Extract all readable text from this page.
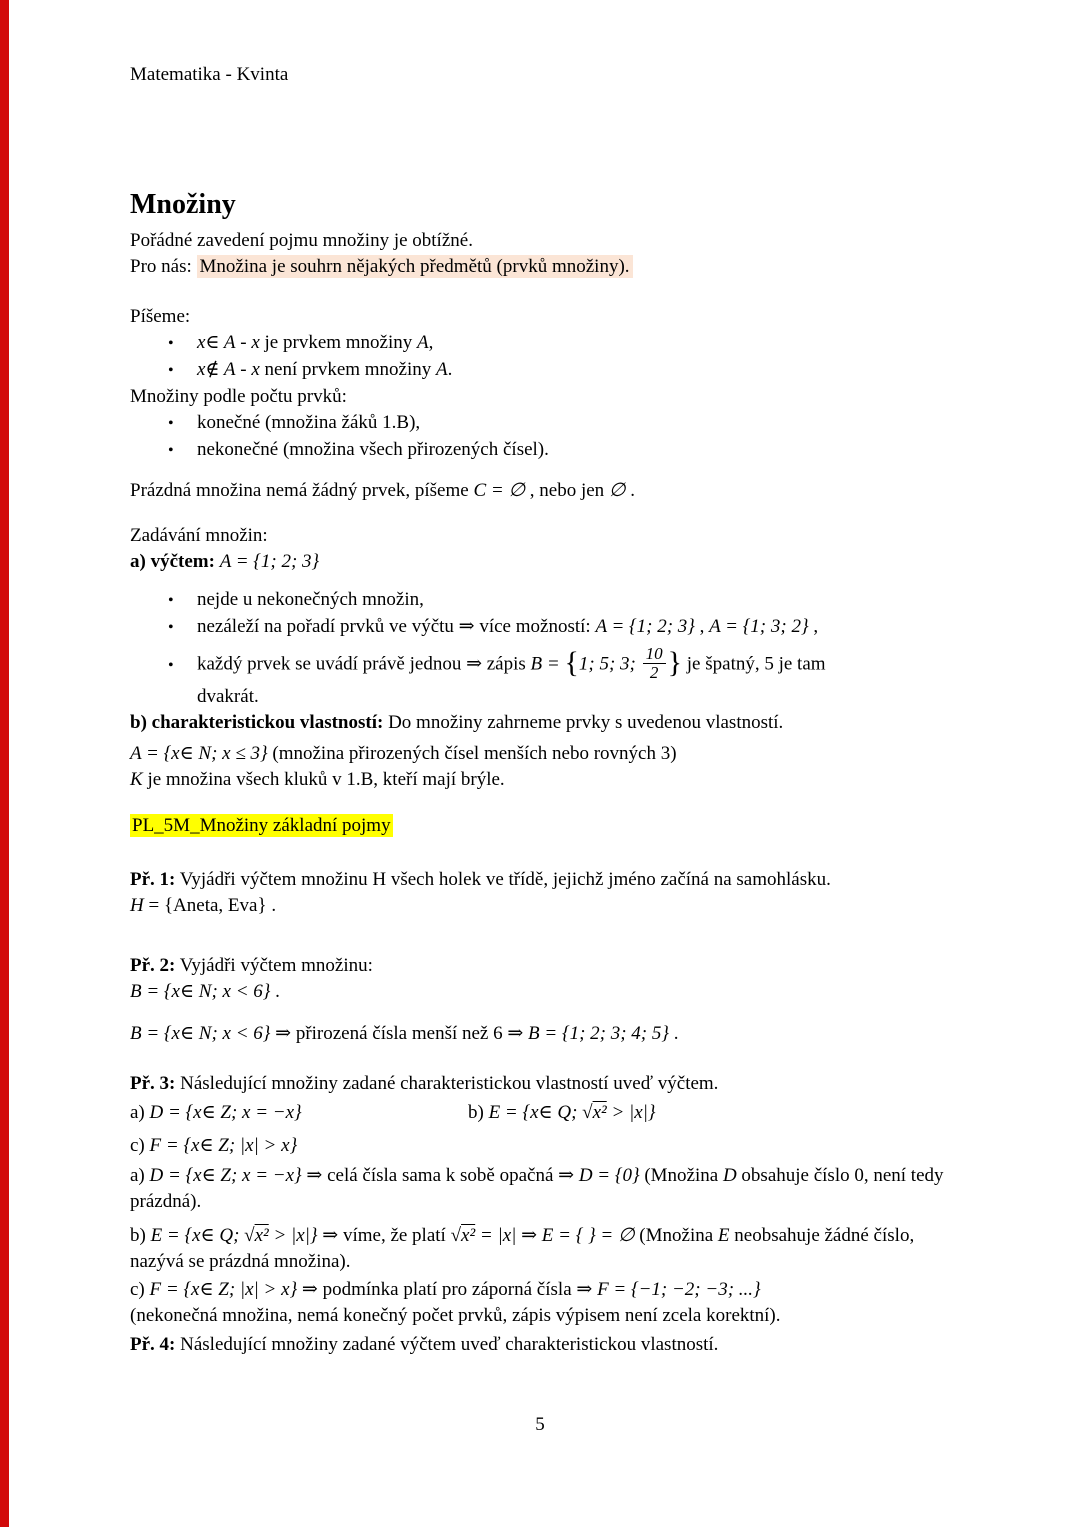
Matematika - Kvinta
Množiny
Pořádné zavedení pojmu množiny je obtížné.
Pro nás: Množina je souhrn nějakých předmětů (prvků množiny).
Píšeme:
•	x∈ A - x je prvkem množiny A,
•	x∉ A - x není prvkem množiny A.
Množiny podle počtu prvků:
•	konečné (množina žáků 1.B),
•	nekonečné (množina všech přirozených čísel).
Prázdná množina nemá žádný prvek, píšeme C = ∅ , nebo jen ∅ .
Zadávání množin:
a) výčtem: A = {1; 2; 3}
•	nejde u nekonečných množin,
•	nezáleží na pořadí prvků ve výčtu ⇒ více možností: A = {1; 2; 3} , A = {1; 3; 2} ,
•	každý prvek se uvádí právě jednou ⇒ zápis B = {1; 5; 3; $\frac{10}{2}$ } je špatný, 5 je tam
dvakrát.
b) charakteristickou vlastností: Do množiny zahrneme prvky s uvedenou vlastností.
A = {x∈ N; x ≤ 3} (množina přirozených čísel menších nebo rovných 3)
K je množina všech kluků v 1.B, kteří mají brýle.
PL_5M_Množiny základní pojmy
Př. 1: Vyjádři výčtem množinu H všech holek ve třídě, jejichž jméno začíná na samohlásku.
H = {Aneta, Eva} .
Př. 2: Vyjádři výčtem množinu:
B = {x∈ N; x < 6} .
B = {x∈ N; x < 6} ⇒ přirozená čísla menší než 6 ⇒ B = {1; 2; 3; 4; 5} .
Př. 3: Následující množiny zadané charakteristickou vlastností uveď výčtem.
a) D = {x∈ Z; x = −x}	b) E = {x∈ Q; √x² > |x|}
c) F = {x∈ Z; |x| > x}
a) D = {x∈ Z; x = −x} ⇒ celá čísla sama k sobě opačná ⇒ D = {0} (Množina D obsahuje číslo 0, není tedy prázdná).
b) E = {x∈ Q; √x² > |x|} ⇒ víme, že platí √x² = |x| ⇒ E = { } = ∅ (Množina E neobsahuje žádné číslo, nazývá se prázdná množina).
c) F = {x∈ Z; |x| > x} ⇒ podmínka platí pro záporná čísla ⇒ F = {−1; −2; −3; ...}
(nekonečná množina, nemá konečný počet prvků, zápis výpisem není zcela korektní).
Př. 4: Následující množiny zadané výčtem uveď charakteristickou vlastností.
5
